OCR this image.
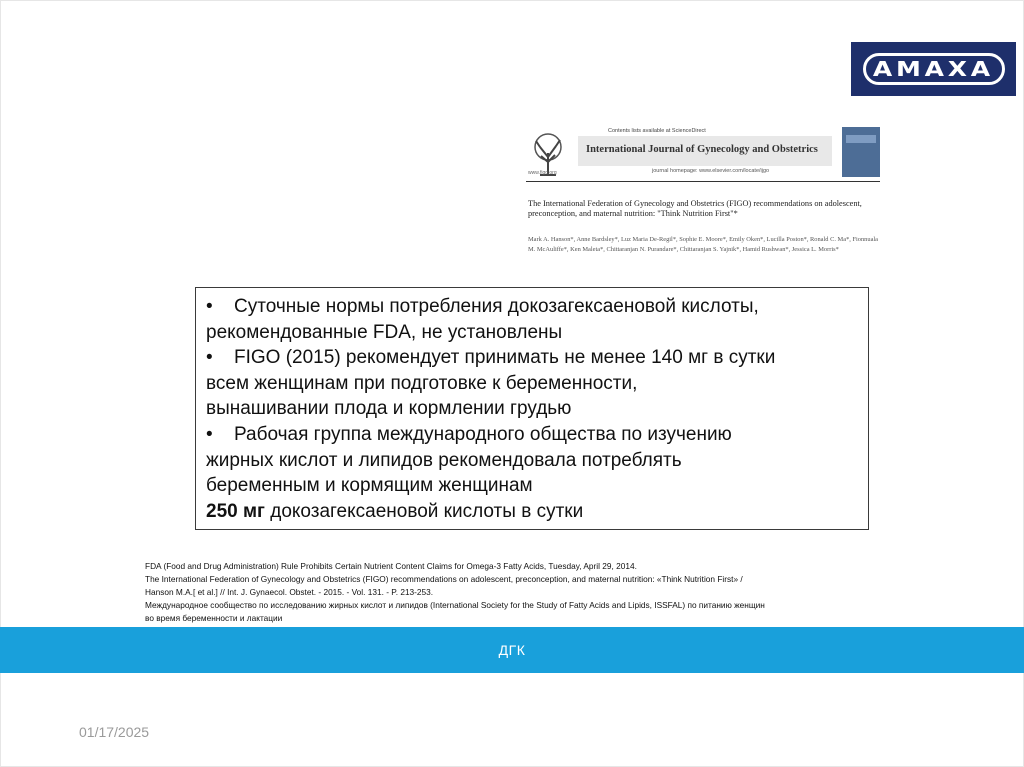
AMAXA
Contents lists available at ScienceDirect
International Journal of Gynecology and Obstetrics
journal homepage: www.elsevier.com/locate/ijgo
www.figo.org
The International Federation of Gynecology and Obstetrics (FIGO) recommendations on adolescent, preconception, and maternal nutrition: "Think Nutrition First"*
Mark A. Hanson*, Anne Bardsley*, Luz Maria De-Regil*, Sophie E. Moore*, Emily Oken*, Lucilla Poston*, Ronald C. Ma*, Fionnuala M. McAuliffe*, Ken Maleta*, Chittaranjan N. Purandare*, Chittaranjan S. Yajnik*, Hamid Rushwan*, Jessica L. Morris*

• Суточные нормы потребления докозагексаеновой кислоты,

рекомендованные FDA, не установлены

• FIGO (2015) рекомендует принимать не менее 140 мг в сутки

всем женщинам при подготовке к беременности,

вынашивании плода и кормлении грудью

• Рабочая группа международного общества по изучению

жирных кислот и липидов рекомендовала потреблять

беременным и кормящим женщинам

250 мг докозагексаеновой кислоты в сутки

FDA (Food and Drug Administration) Rule Prohibits Certain Nutrient Content Claims for Omega-3 Fatty Acids, Tuesday, April 29, 2014.
The International Federation of Gynecology and Obstetrics (FIGO) recommendations on adolescent, preconception, and maternal nutrition: «Think Nutrition First» /
Hanson M.A.[ et al.] // Int. J. Gynaecol. Obstet. - 2015. - Vol. 131. - P. 213-253.
Международное сообщество по исследованию жирных кислот и липидов (International Society for the Study of Fatty Acids and Lipids, ISSFAL) по питанию женщин
во время беременности и лактации
ДГК
01/17/2025
